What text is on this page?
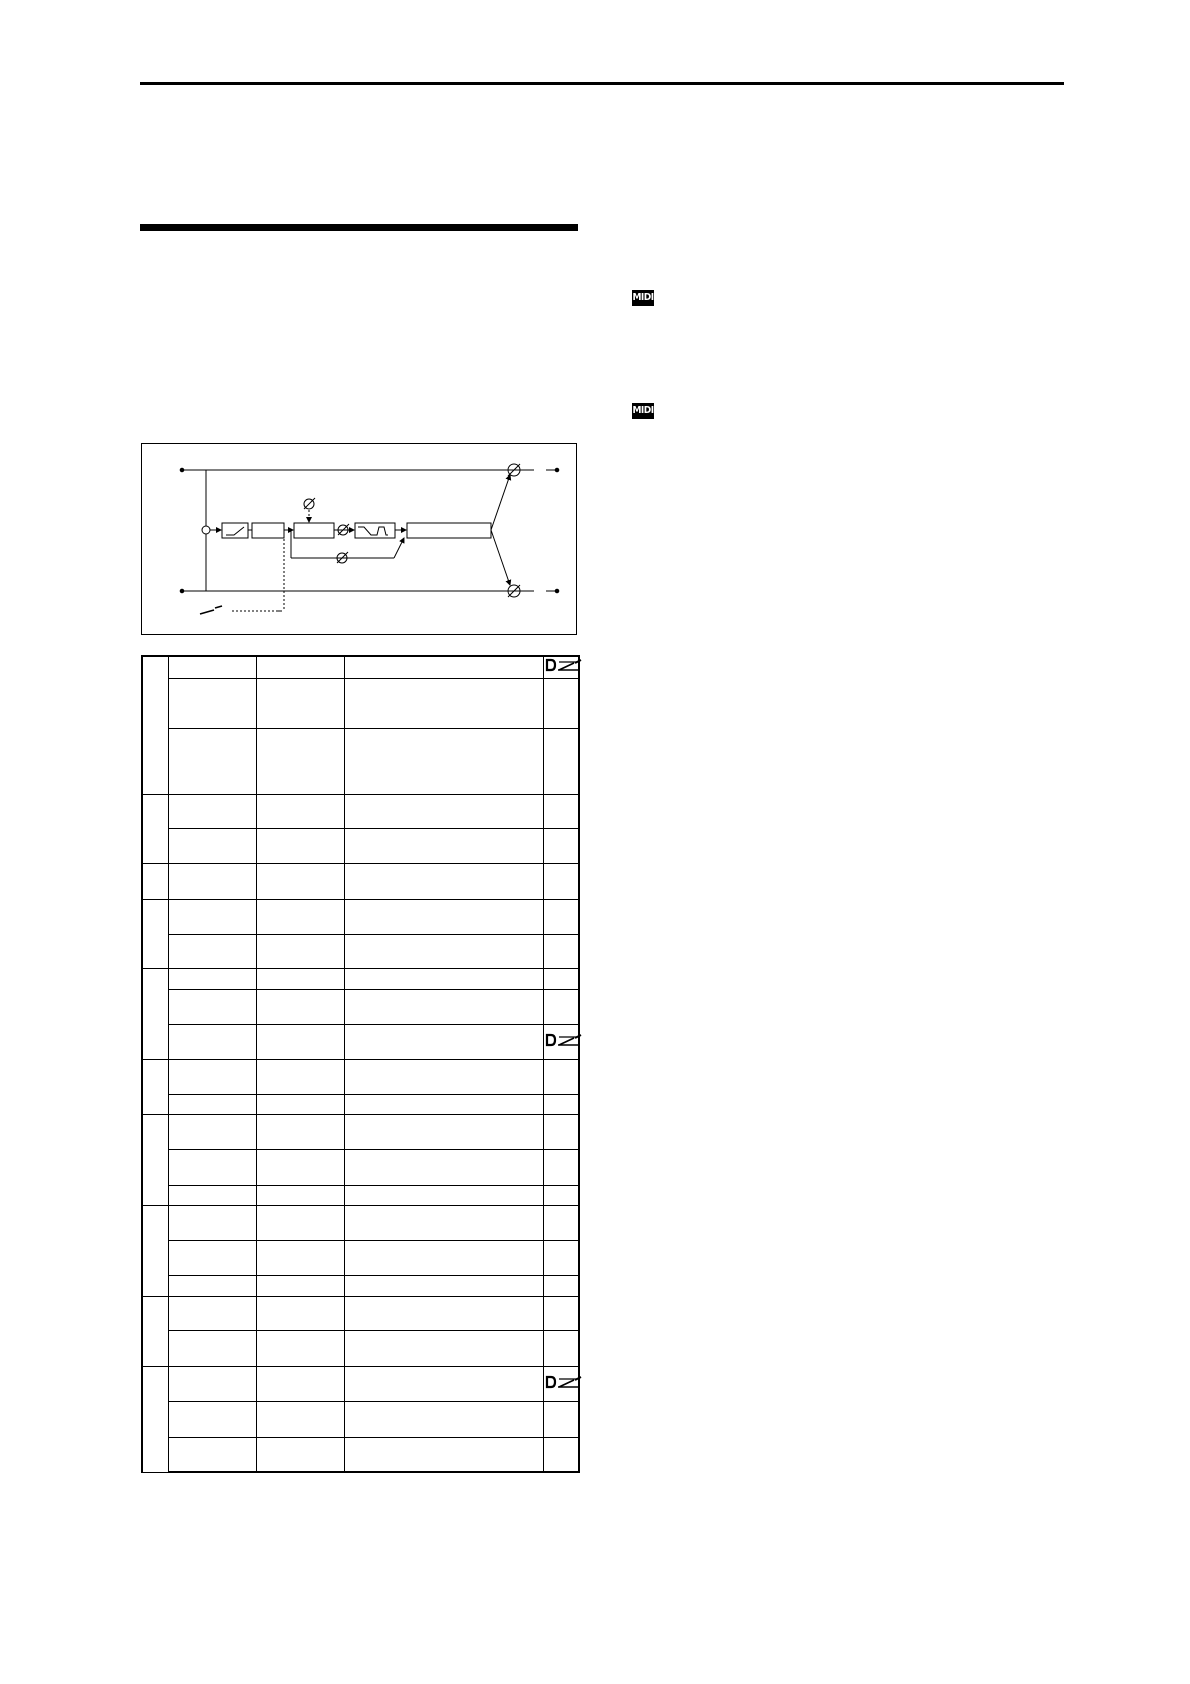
MIDI
MIDI
